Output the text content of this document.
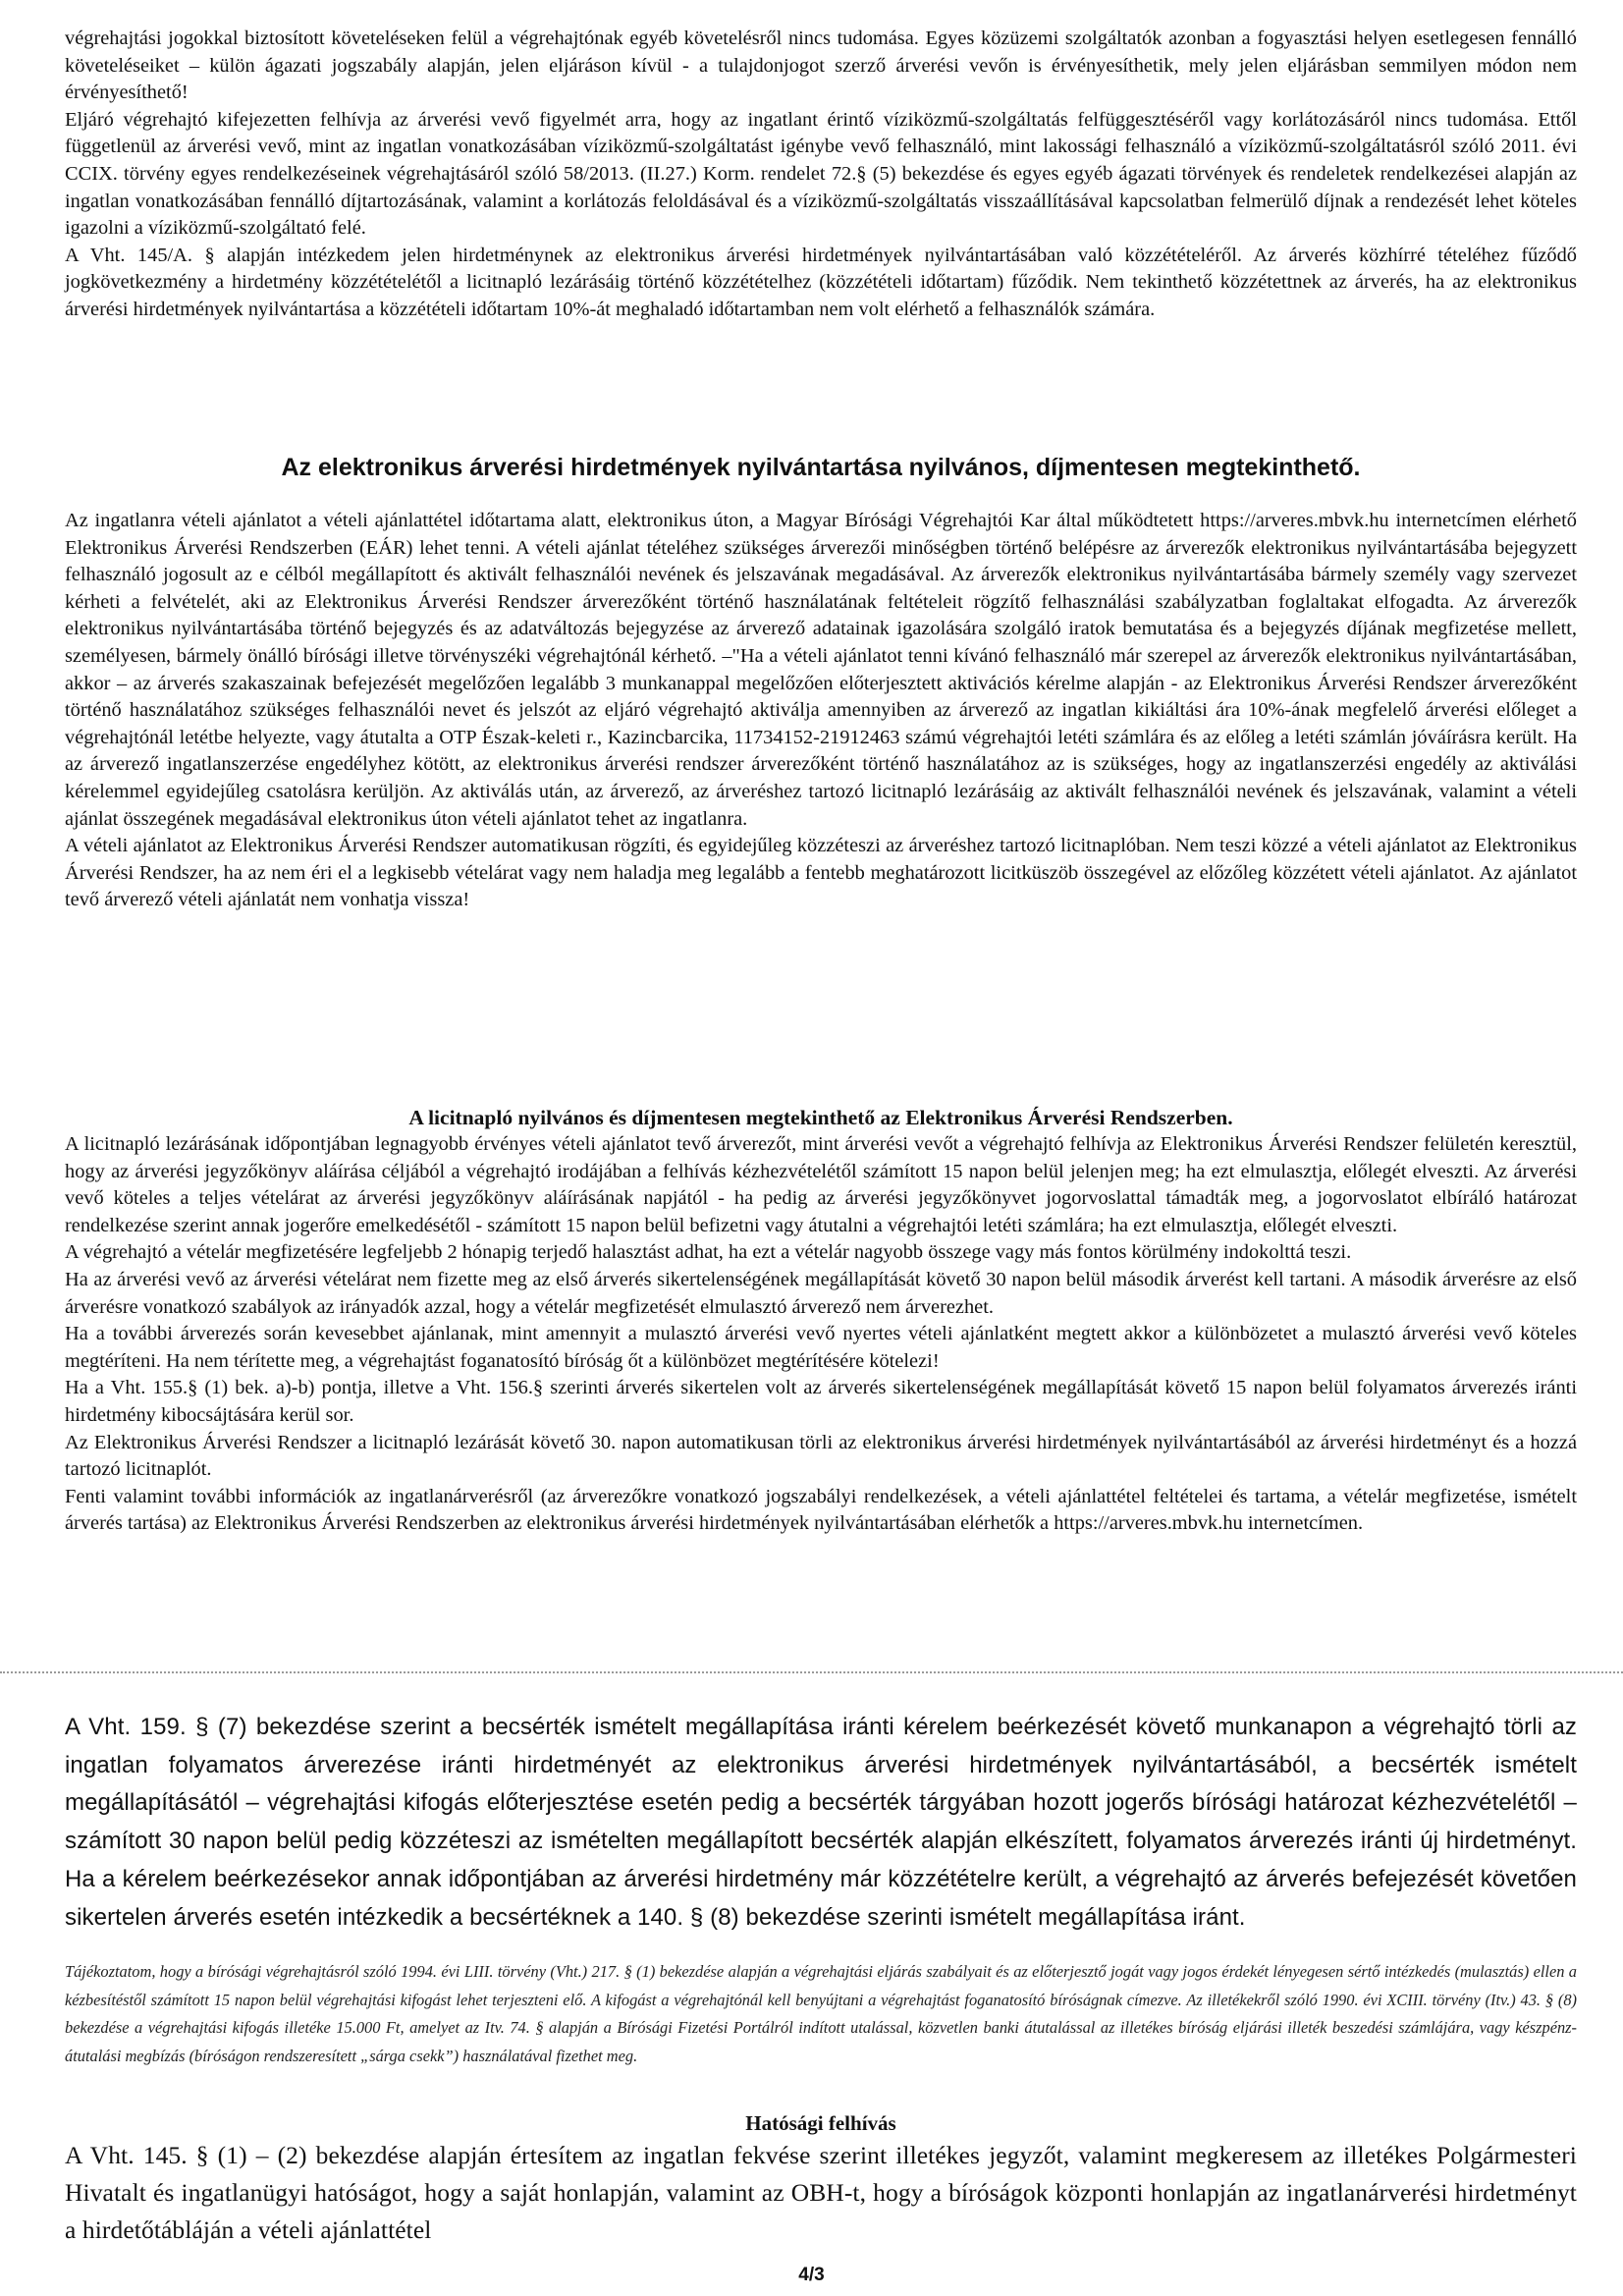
végrehajtási jogokkal biztosított követeléseken felül a végrehajtónak egyéb követelésről nincs tudomása. Egyes közüzemi szolgáltatók azonban a fogyasztási helyen esetlegesen fennálló követeléseiket – külön ágazati jogszabály alapján, jelen eljáráson kívül - a tulajdonjogot szerző árverési vevőn is érvényesíthetik, mely jelen eljárásban semmilyen módon nem érvényesíthető!

Eljáró végrehajtó kifejezetten felhívja az árverési vevő figyelmét arra, hogy az ingatlant érintő víziközmű-szolgáltatás felfüggesztéséről vagy korlátozásáról nincs tudomása. Ettől függetlenül az árverési vevő, mint az ingatlan vonatkozásában víziközmű-szolgáltatást igénybe vevő felhasználó, mint lakossági felhasználó a víziközmű-szolgáltatásról szóló 2011. évi CCIX. törvény egyes rendelkezéseinek végrehajtásáról szóló 58/2013. (II.27.) Korm. rendelet 72.§ (5) bekezdése és egyes egyéb ágazati törvények és rendeletek rendelkezései alapján az ingatlan vonatkozásában fennálló díjtartozásának, valamint a korlátozás feloldásával és a víziközmű-szolgáltatás visszaállításával kapcsolatban felmerülő díjnak a rendezését lehet köteles igazolni a víziközmű-szolgáltató felé.

A Vht. 145/A. § alapján intézkedem jelen hirdetménynek az elektronikus árverési hirdetmények nyilvántartásában való közzétételéről. Az árverés közhírré tételéhez fűződő jogkövetkezmény a hirdetmény közzétételétől a licitnapló lezárásáig történő közzétételhez (közzétételi időtartam) fűződik. Nem tekinthető közzétettnek az árverés, ha az elektronikus árverési hirdetmények nyilvántartása a közzétételi időtartam 10%-át meghaladó időtartamban nem volt elérhető a felhasználók számára.

Az elektronikus árverési hirdetmények nyilvántartása nyilvános, díjmentesen megtekinthető.

Az ingatlanra vételi ajánlatot a vételi ajánlattétel időtartama alatt, elektronikus úton, a Magyar Bírósági Végrehajtói Kar által működtetett https://arveres.mbvk.hu internetcímen elérhető Elektronikus Árverési Rendszerben (EÁR) lehet tenni. A vételi ajánlat tételéhez szükséges árverezői minőségben történő belépésre az árverezők elektronikus nyilvántartásába bejegyzett felhasználó jogosult az e célból megállapított és aktivált felhasználói nevének és jelszavának megadásával. Az árverezők elektronikus nyilvántartásába bármely személy vagy szervezet kérheti a felvételét, aki az Elektronikus Árverési Rendszer árverezőként történő használatának feltételeit rögzítő felhasználási szabályzatban foglaltakat elfogadta. Az árverezők elektronikus nyilvántartásába történő bejegyzés és az adatváltozás bejegyzése az árverező adatainak igazolására szolgáló iratok bemutatása és a bejegyzés díjának megfizetése mellett, személyesen, bármely önálló bírósági illetve törvényszéki végrehajtónál kérhető. –"Ha a vételi ajánlatot tenni kívánó felhasználó már szerepel az árverezők elektronikus nyilvántartásában, akkor – az árverés szakaszainak befejezését megelőzően legalább 3 munkanappal megelőzően előterjesztett aktivációs kérelme alapján - az Elektronikus Árverési Rendszer árverezőként történő használatához szükséges felhasználói nevet és jelszót az eljáró végrehajtó aktiválja amennyiben az árverező az ingatlan kikiáltási ára 10%-ának megfelelő árverési előleget a végrehajtónál letétbe helyezte, vagy átutalta a OTP Észak-keleti r., Kazincbarcika, 11734152-21912463 számú végrehajtói letéti számlára és az előleg a letéti számlán jóváírásra került. Ha az árverező ingatlanszerzése engedélyhez kötött, az elektronikus árverési rendszer árverezőként történő használatához az is szükséges, hogy az ingatlanszerzési engedély az aktiválási kérelemmel egyidejűleg csatolásra kerüljön. Az aktiválás után, az árverező, az árveréshez tartozó licitnapló lezárásáig az aktivált felhasználói nevének és jelszavának, valamint a vételi ajánlat összegének megadásával elektronikus úton vételi ajánlatot tehet az ingatlanra.

A vételi ajánlatot az Elektronikus Árverési Rendszer automatikusan rögzíti, és egyidejűleg közzéteszi az árveréshez tartozó licitnaplóban. Nem teszi közzé a vételi ajánlatot az Elektronikus Árverési Rendszer, ha az nem éri el a legkisebb vételárat vagy nem haladja meg legalább a fentebb meghatározott licitküszöb összegével az előzőleg közzétett vételi ajánlatot. Az ajánlatot tevő árverező vételi ajánlatát nem vonhatja vissza!

A licitnapló nyilvános és díjmentesen megtekinthető az Elektronikus Árverési Rendszerben.

A licitnapló lezárásának időpontjában legnagyobb érvényes vételi ajánlatot tevő árverezőt, mint árverési vevőt a végrehajtó felhívja az Elektronikus Árverési Rendszer felületén keresztül, hogy az árverési jegyzőkönyv aláírása céljából a végrehajtó irodájában a felhívás kézhezvételétől számított 15 napon belül jelenjen meg; ha ezt elmulasztja, előlegét elveszti. Az árverési vevő köteles a teljes vételárat az árverési jegyzőkönyv aláírásának napjától - ha pedig az árverési jegyzőkönyvet jogorvoslattal támadták meg, a jogorvoslatot elbíráló határozat rendelkezése szerint annak jogerőre emelkedésétől - számított 15 napon belül befizetni vagy átutalni a végrehajtói letéti számlára; ha ezt elmulasztja, előlegét elveszti.

A végrehajtó a vételár megfizetésére legfeljebb 2 hónapig terjedő halasztást adhat, ha ezt a vételár nagyobb összege vagy más fontos körülmény indokolttá teszi.

Ha az árverési vevő az árverési vételárat nem fizette meg az első árverés sikertelenségének megállapítását követő 30 napon belül második árverést kell tartani. A második árverésre az első árverésre vonatkozó szabályok az irányadók azzal, hogy a vételár megfizetését elmulasztó árverező nem árverezhet.

Ha a további árverezés során kevesebbet ajánlanak, mint amennyit a mulasztó árverési vevő nyertes vételi ajánlatként megtett akkor a különbözetet a mulasztó árverési vevő köteles megtéríteni. Ha nem térítette meg, a végrehajtást foganatosító bíróság őt a különbözet megtérítésére kötelezi!

Ha a Vht. 155.§ (1) bek. a)-b) pontja, illetve a Vht. 156.§ szerinti árverés sikertelen volt az árverés sikertelenségének megállapítását követő 15 napon belül folyamatos árverezés iránti hirdetmény kibocsájtására kerül sor.

Az Elektronikus Árverési Rendszer a licitnapló lezárását követő 30. napon automatikusan törli az elektronikus árverési hirdetmények nyilvántartásából az árverési hirdetményt és a hozzá tartozó licitnaplót.

Fenti valamint további információk az ingatlanárverésről (az árverezőkre vonatkozó jogszabályi rendelkezések, a vételi ajánlattétel feltételei és tartama, a vételár megfizetése, ismételt árverés tartása) az Elektronikus Árverési Rendszerben az elektronikus árverési hirdetmények nyilvántartásában elérhetők a https://arveres.mbvk.hu internetcímen.

A Vht. 159. § (7) bekezdése szerint a becsérték ismételt megállapítása iránti kérelem beérkezését követő munkanapon a végrehajtó törli az ingatlan folyamatos árverezése iránti hirdetményét az elektronikus árverési hirdetmények nyilvántartásából, a becsérték ismételt megállapításától – végrehajtási kifogás előterjesztése esetén pedig a becsérték tárgyában hozott jogerős bírósági határozat kézhezvételétől – számított 30 napon belül pedig közzéteszi az ismételten megállapított becsérték alapján elkészített, folyamatos árverezés iránti új hirdetményt. Ha a kérelem beérkezésekor annak időpontjában az árverési hirdetmény már közzétételre került, a végrehajtó az árverés befejezését követően sikertelen árverés esetén intézkedik a becsértéknek a 140. § (8) bekezdése szerinti ismételt megállapítása iránt.

Tájékoztatom, hogy a bírósági végrehajtásról szóló 1994. évi LIII. törvény (Vht.) 217. § (1) bekezdése alapján a végrehajtási eljárás szabályait és az előterjesztő jogát vagy jogos érdekét lényegesen sértő intézkedés (mulasztás) ellen a kézbesítéstől számított 15 napon belül végrehajtási kifogást lehet terjeszteni elő. A kifogást a végrehajtónál kell benyújtani a végrehajtást foganatosító bíróságnak címezve. Az illetékekről szóló 1990. évi XCIII. törvény (Itv.) 43. § (8) bekezdése a végrehajtási kifogás illetéke 15.000 Ft, amelyet az Itv. 74. § alapján a Bírósági Fizetési Portálról indított utalással, közvetlen banki átutalással az illetékes bíróság eljárási illeték beszedési számlájára, vagy készpénz-átutalási megbízás (bíróságon rendszeresített „sárga csekk”) használatával fizethet meg.

Hatósági felhívás

A Vht. 145. § (1) – (2) bekezdése alapján értesítem az ingatlan fekvése szerint illetékes jegyzőt, valamint megkeresem az illetékes Polgármesteri Hivatalt és ingatlanügyi hatóságot, hogy a saját honlapján, valamint az OBH-t, hogy a bíróságok központi honlapján az ingatlanárverési hirdetményt a hirdetőtábláján a vételi ajánlattétel

4/3
